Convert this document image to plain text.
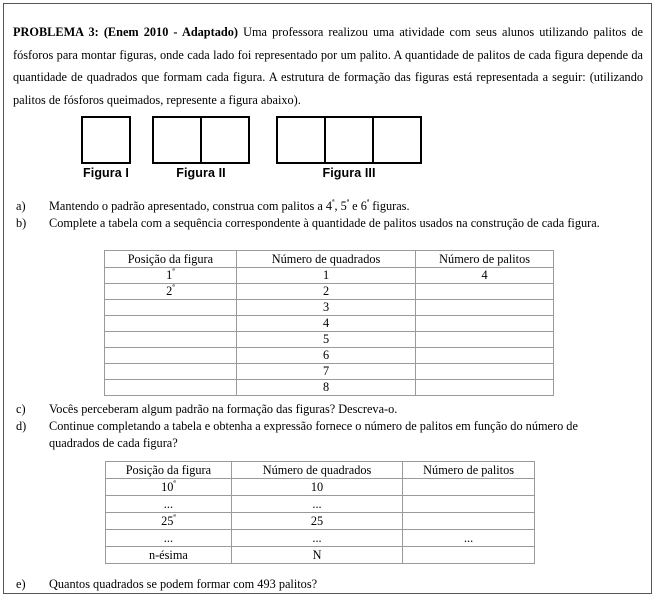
PROBLEMA 3: (Enem 2010 - Adaptado) Uma professora realizou uma atividade com seus alunos utilizando palitos de fósforos para montar figuras, onde cada lado foi representado por um palito. A quantidade de palitos de cada figura depende da quantidade de quadrados que formam cada figura. A estrutura de formação das figuras está representada a seguir: (utilizando palitos de fósforos queimados, represente a figura abaixo).

Figura I	Figura II	Figura III
a)	Mantendo o padrão apresentado, construa com palitos a $4^ª$, $5^ª$ e $6^ª$ figuras.
b)	Complete a tabela com a sequência correspondente à quantidade de palitos usados na construção de cada figura.
Posição da figura	Número de quadrados	Número de palitos
$1^ª$	1	4
$2^ª$	2	
	3	
	4	
	5	
	6	
	7	
	8	
c)	Vocês perceberam algum padrão na formação das figuras? Descreva-o.
d)	Continue completando a tabela e obtenha a expressão fornece o número de palitos em função do número de quadrados de cada figura?
Posição da figura	Número de quadrados	Número de palitos
$10^ª$	10	
...	...	
$25^ª$	25	
...	...	...
n-ésima	N	
e)	Quantos quadrados se podem formar com 493 palitos?
